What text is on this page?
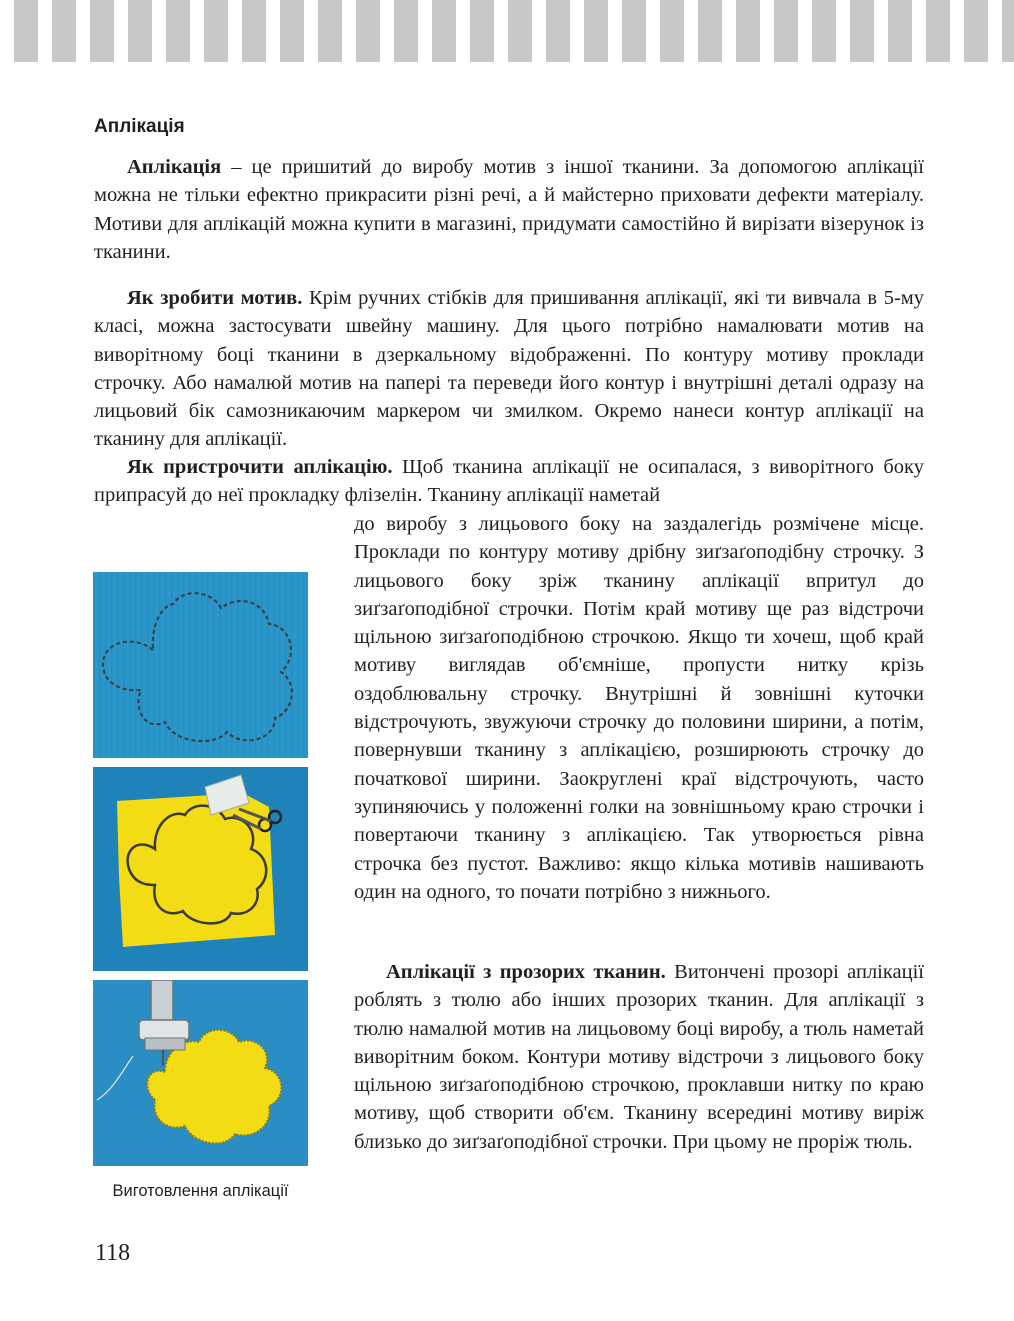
Аплікація

Аплікація – це пришитий до виробу мотив з іншої тканини. За допомогою аплікації можна не тільки ефектно прикрасити різні речі, а й майстерно приховати дефекти матеріалу. Мотиви для аплікацій можна купити в магазині, придумати самостійно й вирізати візерунок із тканини.

Як зробити мотив. Крім ручних стібків для пришивання аплікації, які ти вивчала в 5-му класі, можна застосувати швейну машину. Для цього потрібно намалювати мотив на виворітному боці тканини в дзеркальному відображенні. По контуру мотиву проклади строчку. Або намалюй мотив на папері та переведи його контур і внутрішні деталі одразу на лицьовий бік самозникаючим маркером чи змилком. Окремо нанеси контур аплікації на тканину для аплікації.

Як пристрочити аплікацію. Щоб тканина аплікації не осипалася, з виворітного боку припрасуй до неї прокладку флізелін. Тканину аплікації наметай

до виробу з лицьового боку на заздалегідь розмічене місце. Проклади по контуру мотиву дрібну зиґзаґоподібну строчку. З лицьового боку зріж тканину аплікації впритул до зиґзаґоподібної строчки. Потім край мотиву ще раз відстрочи щільною зиґзаґоподібною строчкою. Якщо ти хочеш, щоб край мотиву виглядав об'ємніше, пропусти нитку крізь оздоблювальну строчку. Внутрішні й зовнішні куточки відстрочують, звужуючи строчку до половини ширини, а потім, повернувши тканину з аплікацією, розширюють строчку до початкової ширини. Заокруглені краї відстрочують, часто зупиняючись у положенні голки на зовнішньому краю строчки і повертаючи тканину з аплікацією. Так утворюється рівна строчка без пустот. Важливо: якщо кілька мотивів нашивають один на одного, то почати потрібно з нижнього.

Аплікації з прозорих тканин. Витончені прозорі аплікації роблять з тюлю або інших прозорих тканин. Для аплікації з тюлю намалюй мотив на лицьовому боці виробу, а тюль наметай виворітним боком. Контури мотиву відстрочи з лицьового боку щільною зиґзаґоподібною строчкою, проклавши нитку по краю мотиву, щоб створити об'єм. Тканину всередині мотиву виріж близько до зиґзаґоподібної строчки. При цьому не проріж тюль.

Виготовлення аплікації
118
